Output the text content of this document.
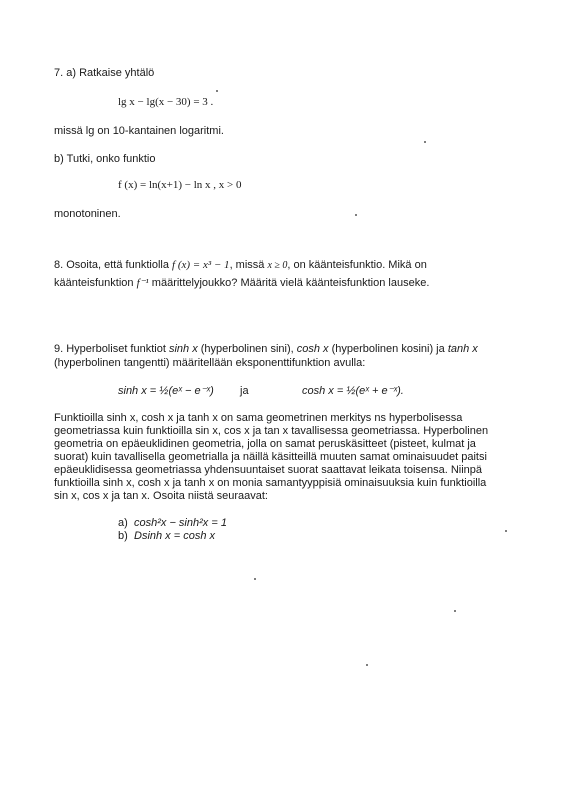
7. a) Ratkaise yhtälö
lg x − lg(x − 30) = 3 .
missä lg on 10-kantainen logaritmi.
b) Tutki, onko funktio
f (x) = ln(x+1) − ln x , x > 0
monotoninen.
8. Osoita, että funktiolla f (x) = x³ − 1, missä x ≥ 0, on käänteisfunktio. Mikä on
käänteisfunktion f⁻¹ määrittelyjoukko? Määritä vielä käänteisfunktion lauseke.
9. Hyperboliset funktiot sinh x (hyperbolinen sini), cosh x (hyperbolinen kosini) ja tanh x
(hyperbolinen tangentti) määritellään eksponenttifunktion avulla:
sinh x = ½(eˣ − e⁻ˣ) ja	cosh x = ½(eˣ + e⁻ˣ).
Funktioilla sinh x, cosh x ja tanh x on sama geometrinen merkitys ns hyperbolisessa
geometriassa kuin funktioilla sin x, cos x ja tan x tavallisessa geometriassa. Hyperbolinen
geometria on epäeuklidinen geometria, jolla on samat peruskäsitteet (pisteet, kulmat ja
suorat) kuin tavallisella geometrialla ja näillä käsitteillä muuten samat ominaisuudet paitsi
epäeuklidisessa geometriassa yhdensuuntaiset suorat saattavat leikata toisensa. Niinpä
funktioilla sinh x, cosh x ja tanh x on monia samantyyppisiä ominaisuuksia kuin funktioilla
sin x, cos x ja tan x. Osoita niistä seuraavat:
a) cosh²x − sinh²x = 1
b) Dsinh x = cosh x
